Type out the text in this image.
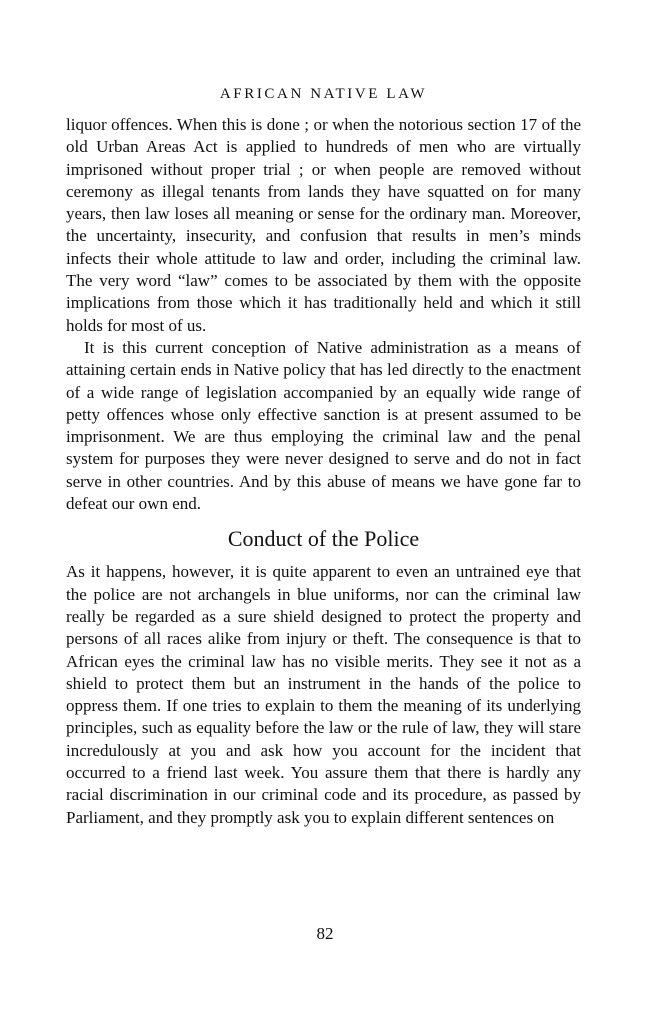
AFRICAN NATIVE LAW

liquor offences. When this is done ; or when the notorious section 17 of the old Urban Areas Act is applied to hundreds of men who are virtually imprisoned without proper trial ; or when people are removed without ceremony as illegal tenants from lands they have squatted on for many years, then law loses all meaning or sense for the ordinary man. Moreover, the uncertainty, insecurity, and confusion that results in men’s minds infects their whole attitude to law and order, including the criminal law. The very word “law” comes to be associated by them with the opposite implications from those which it has traditionally held and which it still holds for most of us.

It is this current conception of Native administration as a means of attaining certain ends in Native policy that has led directly to the enactment of a wide range of legislation accompanied by an equally wide range of petty offences whose only effective sanction is at present assumed to be imprisonment. We are thus employing the criminal law and the penal system for purposes they were never designed to serve and do not in fact serve in other countries. And by this abuse of means we have gone far to defeat our own end.

Conduct of the Police

As it happens, however, it is quite apparent to even an untrained eye that the police are not archangels in blue uniforms, nor can the criminal law really be regarded as a sure shield designed to protect the property and persons of all races alike from injury or theft. The consequence is that to African eyes the criminal law has no visible merits. They see it not as a shield to protect them but an instrument in the hands of the police to oppress them. If one tries to explain to them the meaning of its underlying principles, such as equality before the law or the rule of law, they will stare incredulously at you and ask how you account for the incident that occurred to a friend last week. You assure them that there is hardly any racial discrimination in our criminal code and its procedure, as passed by Parliament, and they promptly ask you to explain different sentences on

82
